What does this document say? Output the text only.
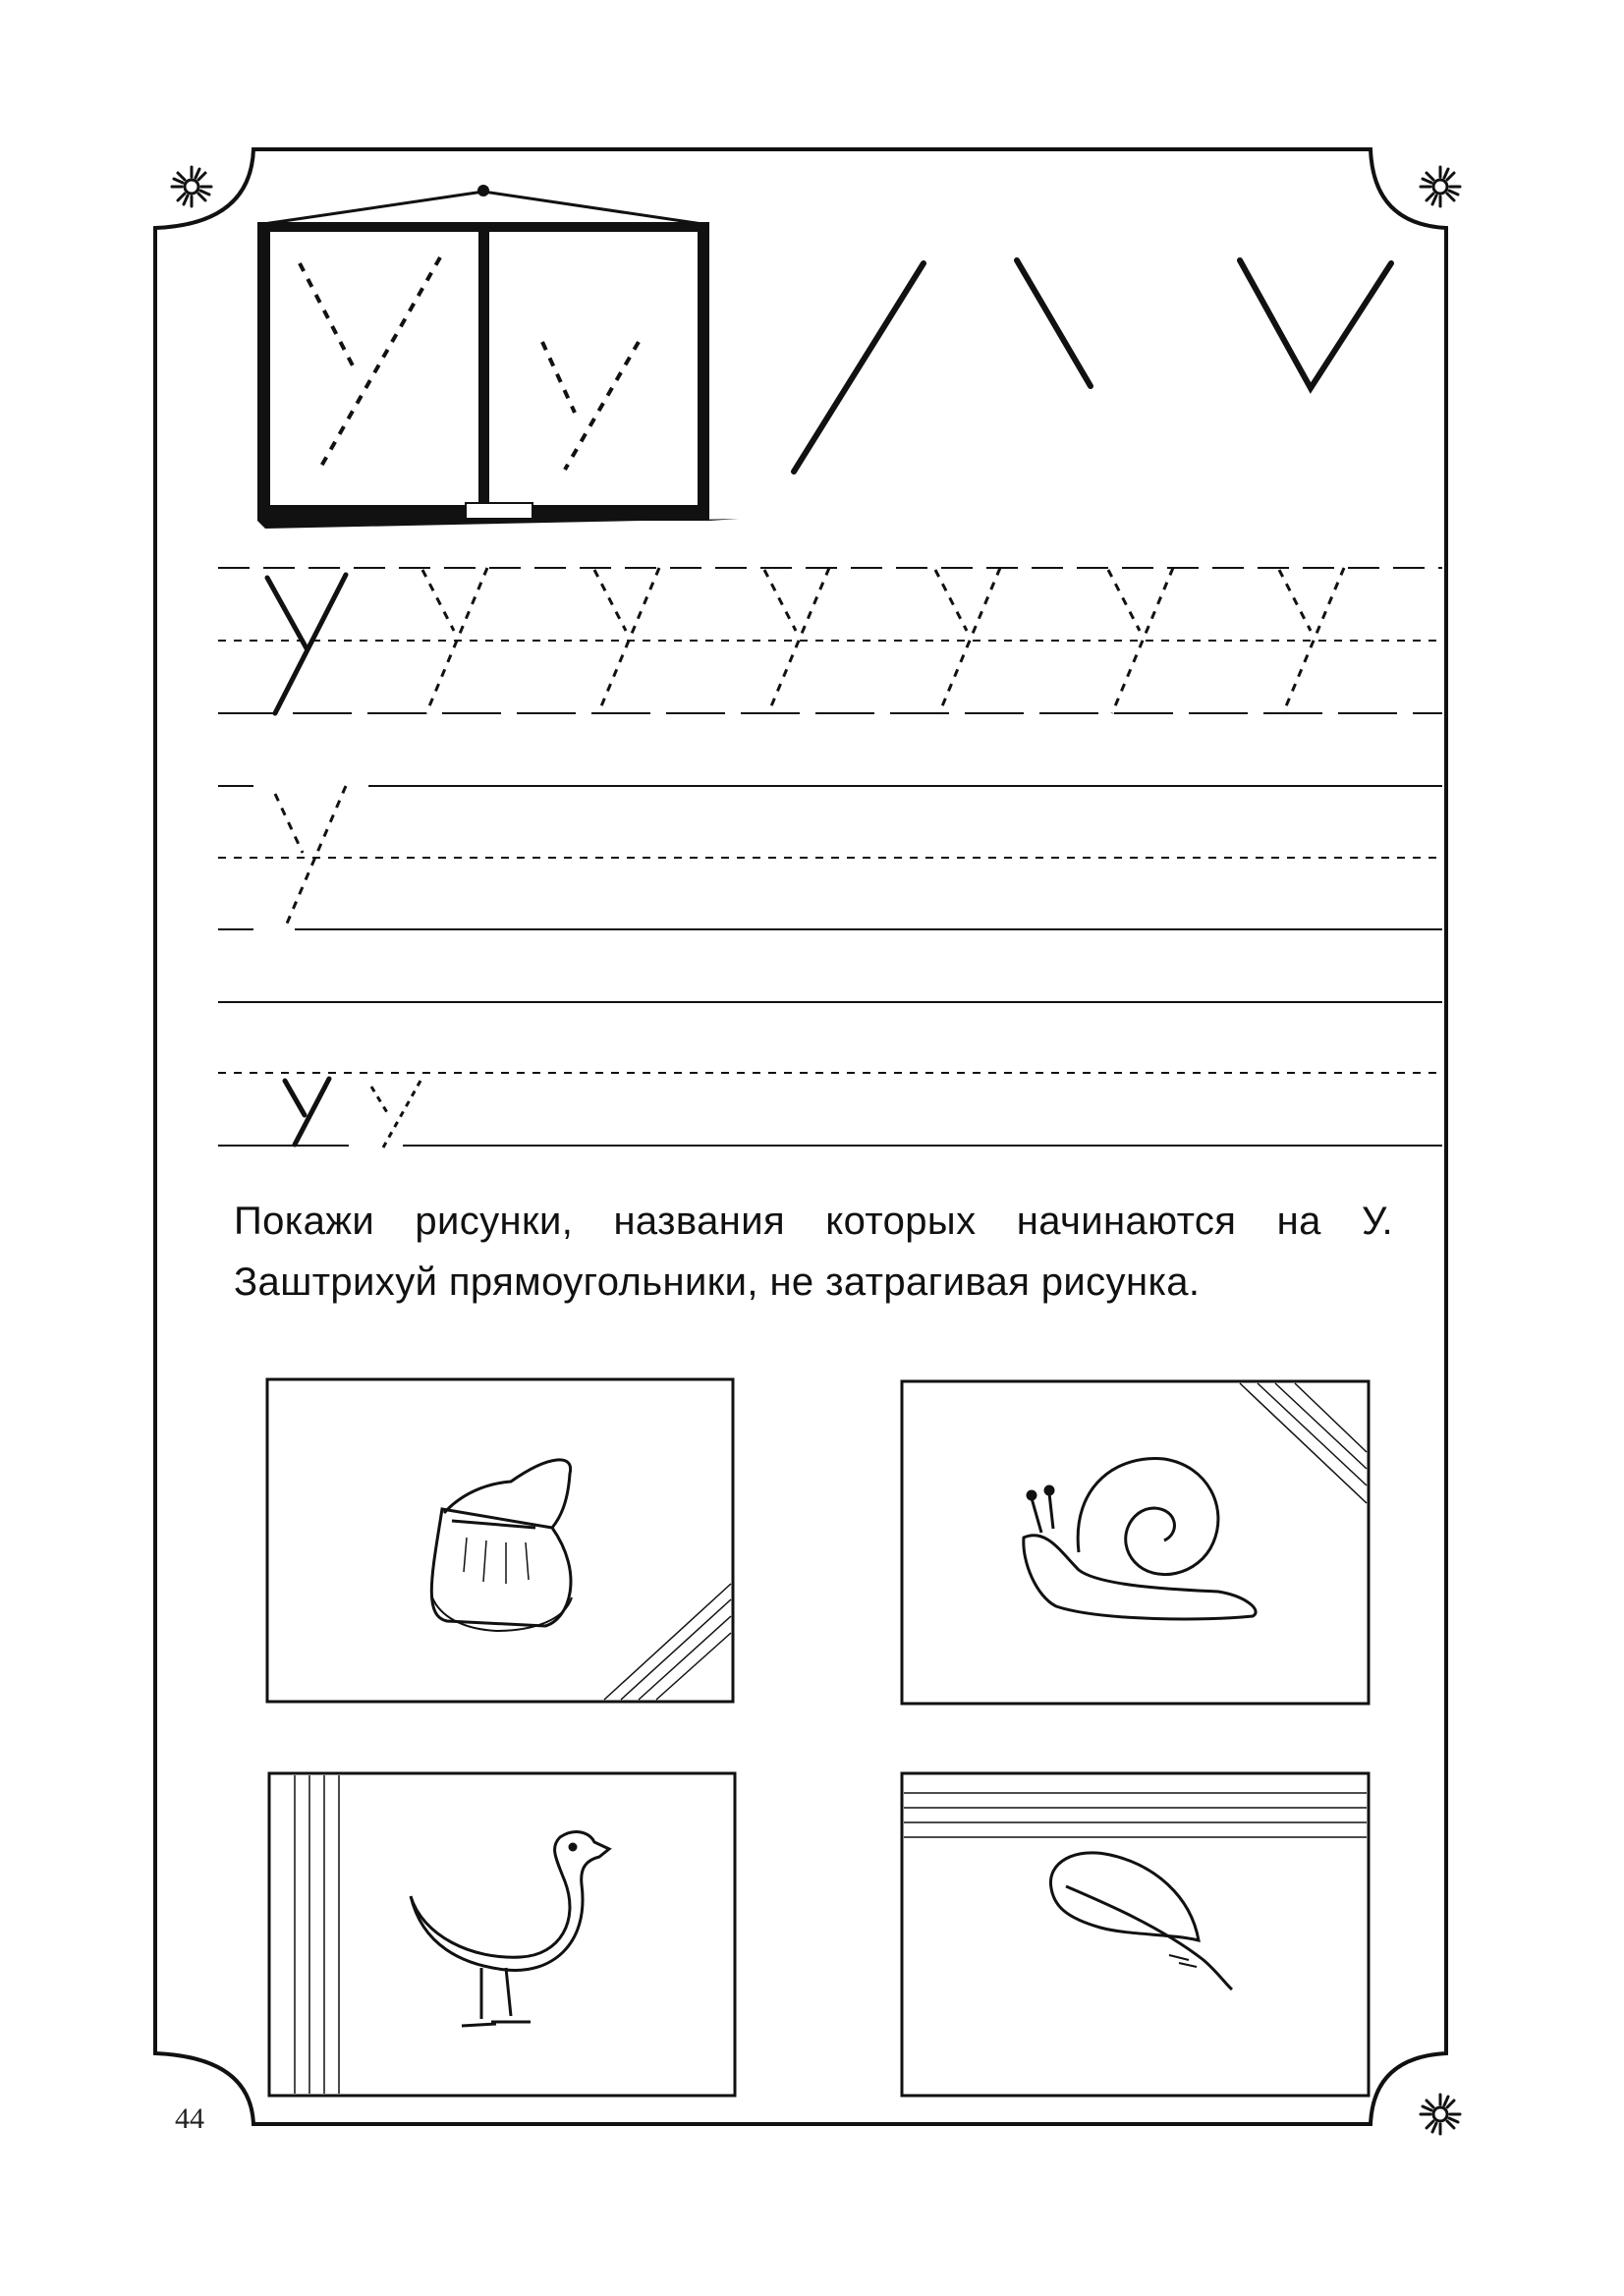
Покажи рисунки, названия которых начинаются на У. Заштрихуй прямоугольники, не затрагивая рисунка.

44
